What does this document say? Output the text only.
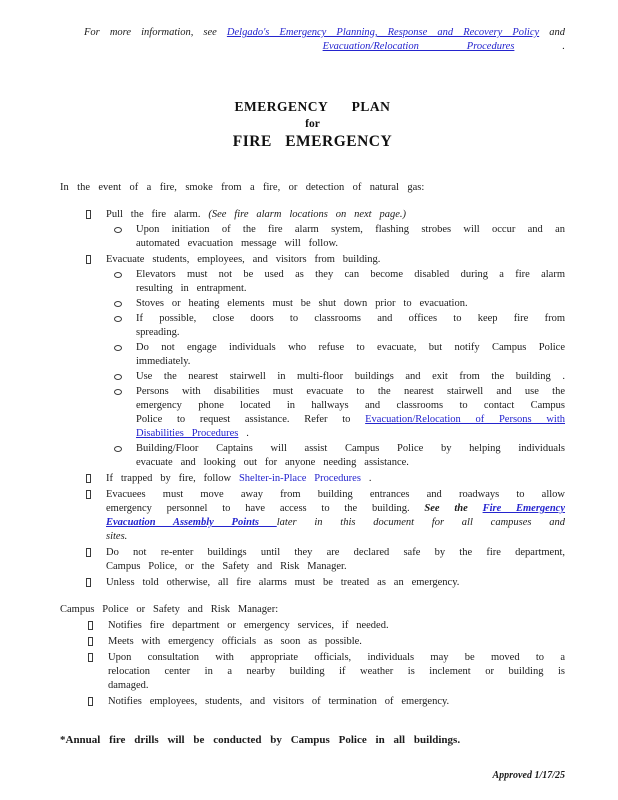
For more information, see Delgado's Emergency Planning, Response and Recovery Policy and
Evacuation/Relocation Procedures .
EMERGENCY PLAN
for
FIRE EMERGENCY
In the event of a fire, smoke from a fire, or detection of natural gas:
Pull the fire alarm. (See fire alarm locations on next page.)
Upon initiation of the fire alarm system, flashing strobes will occur and an
automated evacuation message will follow.
Evacuate students, employees, and visitors from building.
Elevators must not be used as they can become disabled during a fire alarm
resulting in entrapment.
Stoves or heating elements must be shut down prior to evacuation.
If possible, close doors to classrooms and offices to keep fire from
spreading.
Do not engage individuals who refuse to evacuate, but notify Campus Police
immediately.
Use the nearest stairwell in multi-floor buildings and exit from the building .
Persons with disabilities must evacuate to the nearest stairwell and use the
emergency phone located in hallways and classrooms to contact Campus
Police to request assistance. Refer to Evacuation/Relocation of Persons with
Disabilities Procedures .
Building/Floor Captains will assist Campus Police by helping individuals
evacuate and looking out for anyone needing assistance.
If trapped by fire, follow Shelter-in-Place Procedures .
Evacuees must move away from building entrances and roadways to allow
emergency personnel to have access to the building. See the Fire Emergency
Evacuation Assembly Points later in this document for all campuses and
sites.
Do not re-enter buildings until they are declared safe by the fire department,
Campus Police, or the Safety and Risk Manager.
Unless told otherwise, all fire alarms must be treated as an emergency.
Campus Police or Safety and Risk Manager:
Notifies fire department or emergency services, if needed.
Meets with emergency officials as soon as possible.
Upon consultation with appropriate officials, individuals may be moved to a
relocation center in a nearby building if weather is inclement or building is
damaged.
Notifies employees, students, and visitors of termination of emergency.
*Annual fire drills will be conducted by Campus Police in all buildings.
Approved 1/17/25
